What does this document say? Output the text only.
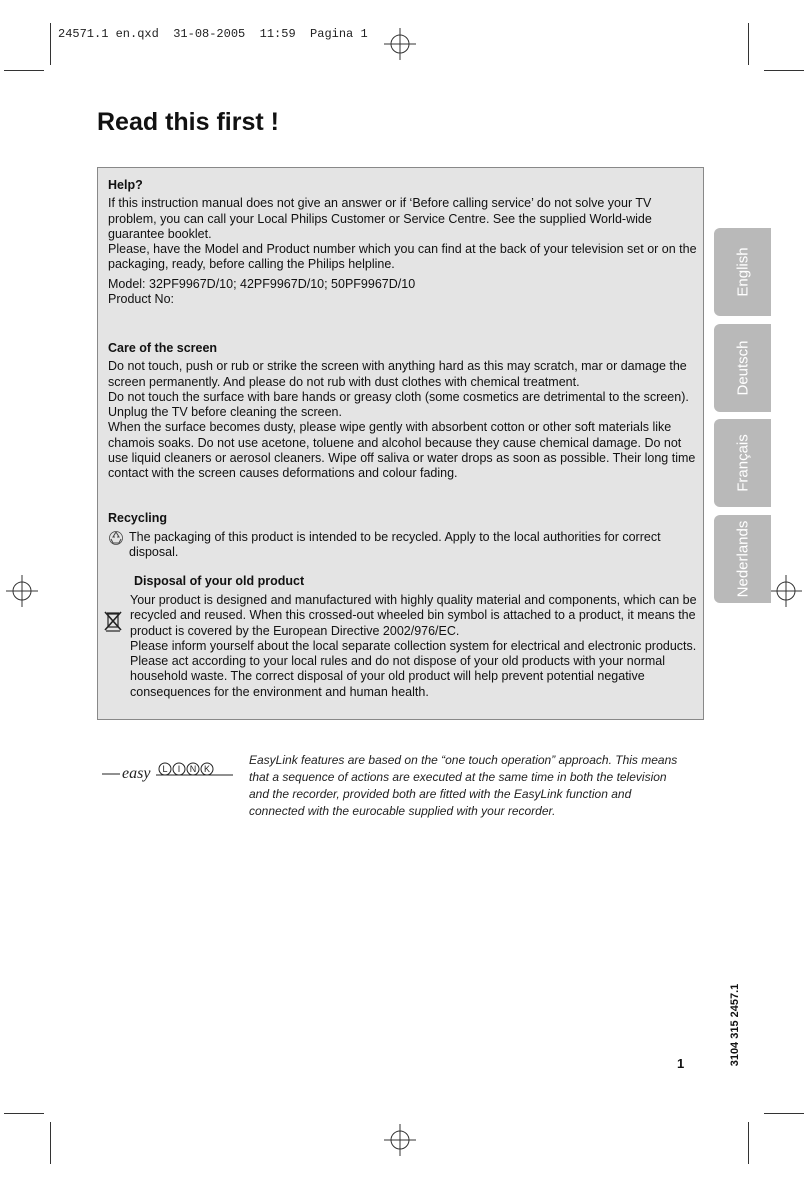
24571.1 en.qxd  31-08-2005  11:59  Pagina 1
Read this first !
Help?

If this instruction manual does not give an answer or if ‘Before calling service’ do not solve your TV problem, you can call your Local Philips Customer or Service Centre. See the supplied World-wide guarantee booklet.

Please, have the Model and Product number which you can find at the back of your television set or on the packaging, ready, before calling the Philips helpline.

Model: 32PF9967D/10; 42PF9967D/10; 50PF9967D/10

Product No:

Care of the screen

Do not touch, push or rub or strike the screen with anything hard as this may scratch, mar or damage the screen permanently. And please do not rub with dust clothes with chemical treatment.

Do not touch the surface with bare hands or greasy cloth (some cosmetics are detrimental to the screen). Unplug the TV before cleaning the screen.

When the surface becomes dusty, please wipe gently with absorbent cotton or other soft materials like chamois soaks. Do not use acetone, toluene and alcohol because they cause chemical damage. Do not use liquid cleaners or aerosol cleaners. Wipe off saliva or water drops as soon as possible. Their long time contact with the screen causes deformations and colour fading.

Recycling

The packaging of this product is intended to be recycled. Apply to the local authorities for correct disposal.

Disposal of your old product

Your product is designed and manufactured with highly quality material and components, which can be recycled and reused. When this crossed-out wheeled bin symbol is attached to a product, it means the product is covered by the European Directive 2002/976/EC.

Please inform yourself about the local separate collection system for electrical and electronic products. Please act according to your local rules and do not dispose of your old products with your normal household waste. The correct disposal of your old product will help prevent potential negative consequences for the environment and human health.

English
Deutsch
Français
Nederlands
easy L I N K
EasyLink features are based on the “one touch operation” approach. This means that a sequence of actions are executed at the same time in both the television and the recorder, provided both are fitted with the EasyLink function and connected with the eurocable supplied with your recorder.
1	3104 315 2457.1
